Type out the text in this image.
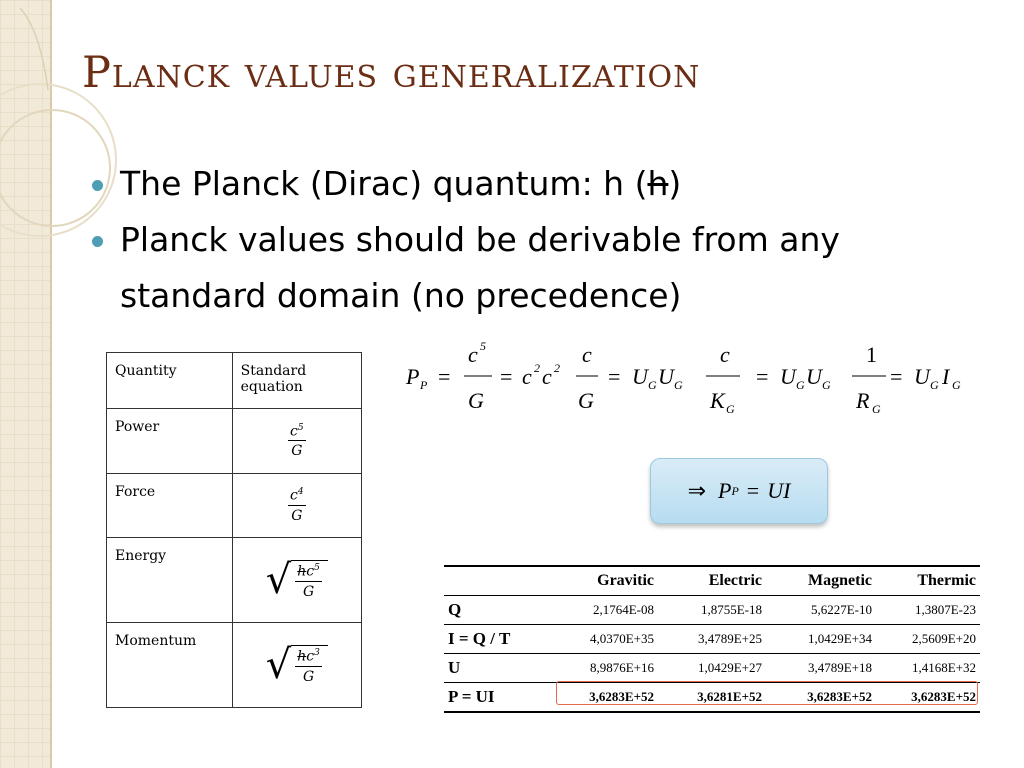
Planck values generalization
The Planck (Dirac) quantum: h (h)
Planck values should be derivable from any standard domain (no precedence)
Quantity	Standard equation
Power	$\frac{c^5}{G}$

Force	$\frac{c^4}{G}$

Energy	√ $\frac{hc^5}{G}$

Momentum	√ $\frac{hc^3}{G}$
P P =
c 5
G
= c 2 c 2
c
G
= U G U G
c
K G
= U G U G
1
R G
= U G I G
⇒ P P = UI
	Gravitic	Electric	Magnetic	Thermic
Q	2,1764E-08	1,8755E-18	5,6227E-10	1,3807E-23
I = Q / T	4,0370E+35	3,4789E+25	1,0429E+34	2,5609E+20
U	8,9876E+16	1,0429E+27	3,4789E+18	1,4168E+32
P = UI	3,6283E+52	3,6281E+52	3,6283E+52	3,6283E+52
